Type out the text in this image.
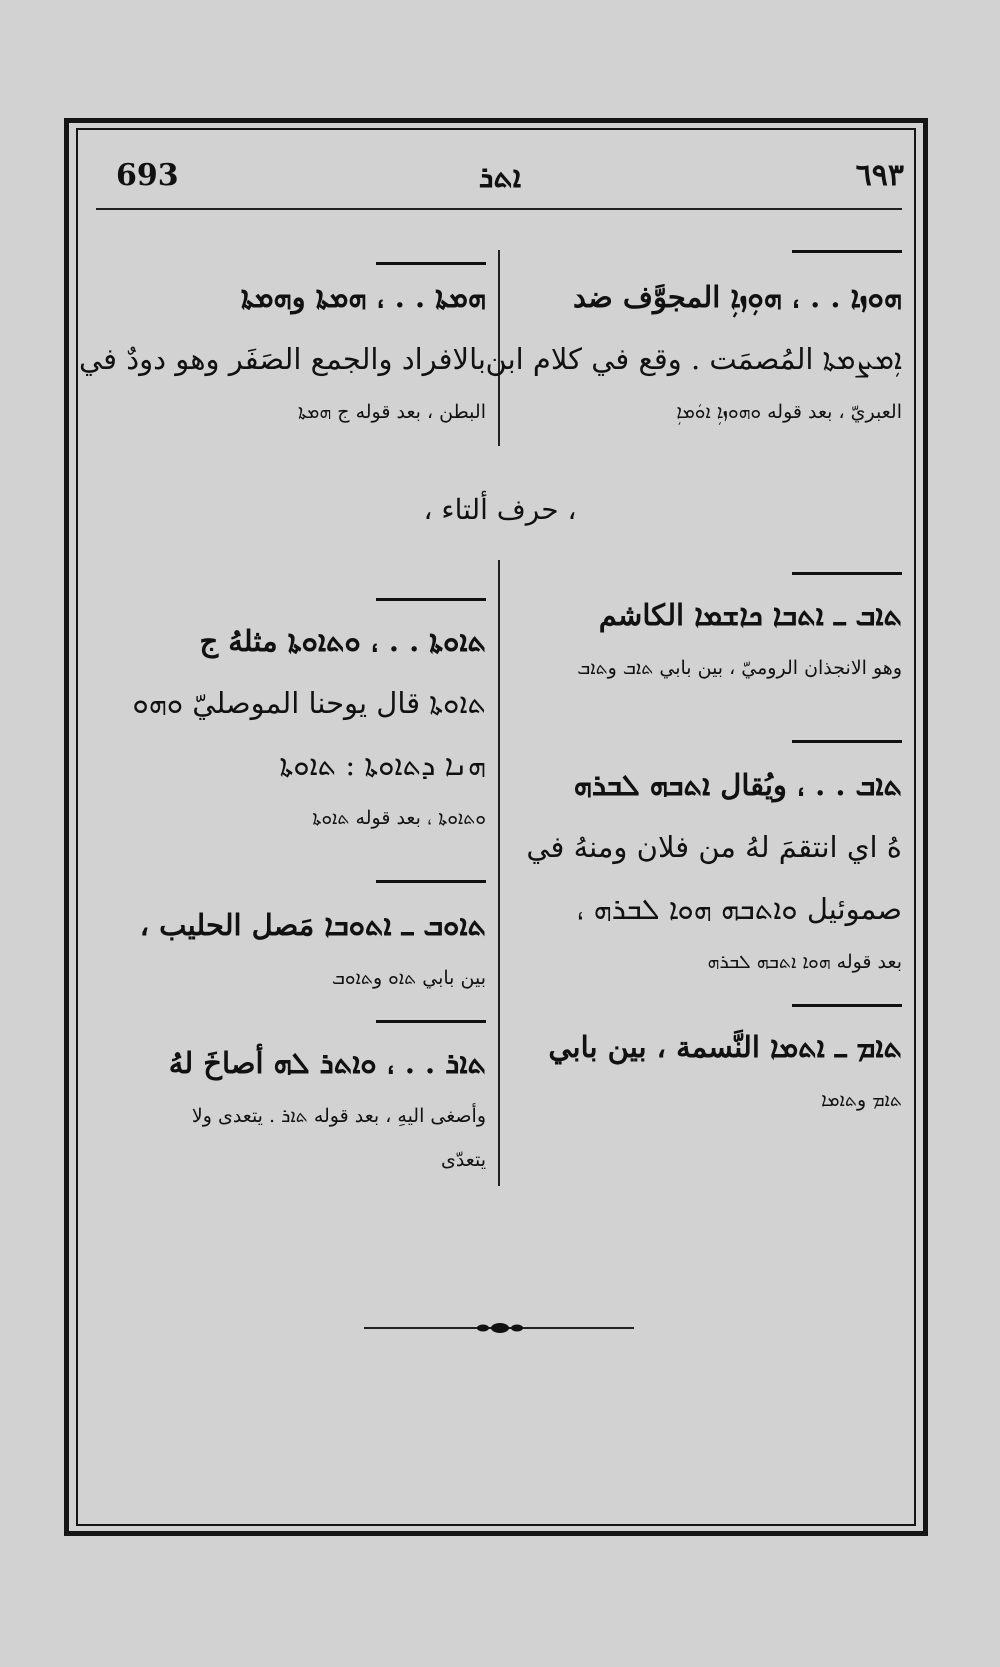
693	ܐܬܪ	٦٩٣
ܗܘܙܐ . . ، ܗܘܼܙܐܼ المجوَّف ضد
ܐܼܡܨܡܬܐ المُصمَت . وقع في كلام ابن
العبريّ ، بعد قوله ܘܗܘܙܐܼ ܐܘܿܡܐܼ
ܗܡܬܐ . . ، ܗܡܬܐ وܗܡܬܐ
بالافراد والجمع الصَفَر وهو دودٌ في
البطن ، بعد قوله ج ܗܡܬܐ
، حرف ألتاء ،
ܬܐܒ ـ ܐܬܒܐ ܟܐܫܡܐ الكاشم
وهو الانجذان الروميّ ، بين بابي ܬܐܒ وܬܐܒ
ܬܐܒ . . ، ويُقال ܐܬܒܗ ܠܒܪܗ
هُ اي انتقمَ لهُ من فلان ومنهُ في
صموئيل ܘܐܬܒܗ ܗܘܐ ܠܒܪܗ ،
بعد قوله ܗܘܐ ܐܬܒܗ ܠܒܪܗ
ܬܐܡ ـ ܐܬܡܐ النَّسمة ، بين بابي
ܬܐܡ وܬܐܡܐ
ܬܐܘܬܐ . . ، ܘܬܐܘܬܐ مثلهُ ج
ܬܐܘܬܐ قال يوحنا الموصليّ ܘܗܘ
ܗܢܐ ܕܬܐܘܬܐ : ܬܐܘܬܐ
ܘܬܐܘܬܐ ، بعد قوله ܬܐܘܬܐ
ܬܐܘܒ ـ ܐܬܘܒܐ مَصل الحليب ،
بين بابي ܬܐܘ وܬܐܘܒ
ܬܐܪ . . ، ܘܐܬܪ ܠܗ أصاخَ لهُ
وأصغى اليهِ ، بعد قوله ܬܐܪ . يتعدى ولا
يتعدّى
